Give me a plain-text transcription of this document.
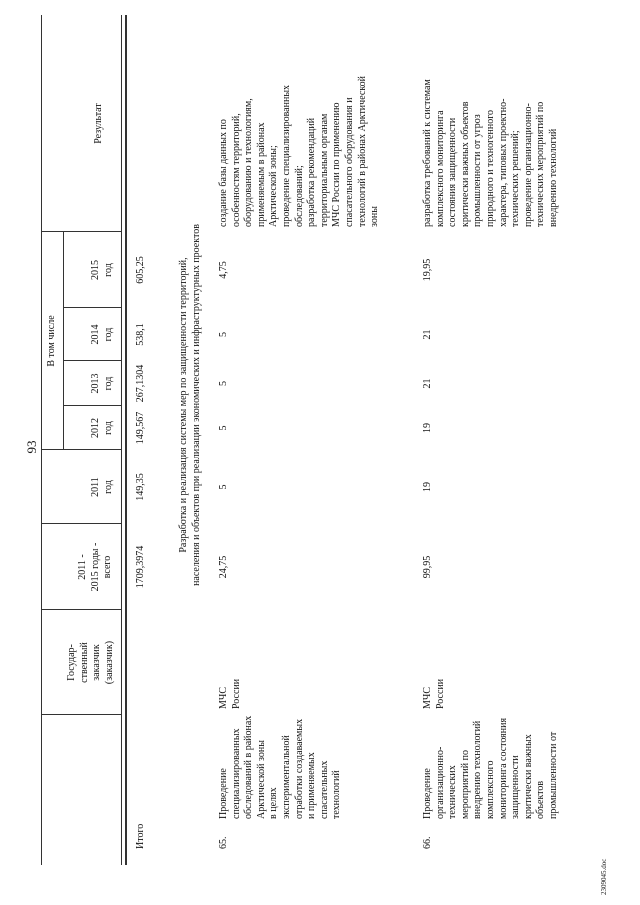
93
Государ-
ственный
заказчик
(заказчик)
2011 -
2015 годы -
всего
В том числе
2011
год
2012
год
2013
год
2014
год
2015
год
Результат
Итого
1709,3974
149,35
149,567
267,1304
538,1
605,25
Разработка и реализация системы мер по защищенности территорий,
населения и объектов при реализации экономических и инфраструктурных проектов
65.
Проведение
специализированных
обследований в районах
Арктической зоны
в целях
экспериментальной
отработки создаваемых
и применяемых
спасательных
технологий
МЧС России
24,75
5
5
5
5
4,75
создание базы данных по
особенностям территорий,
оборудованию и технологиям,
применяемым в районах
Арктической зоны;
проведение специализированных
обследований;
разработка рекомендаций
территориальным органам
МЧС России по применению
спасательного оборудования и
технологий в районах Арктической
зоны
66.
Проведение
организационно-
технических
мероприятий по
внедрению технологий
комплексного
мониторинга состояния
защищенности
критически важных
объектов
промышленности от
МЧС России
99,95
19
19
21
21
19,95
разработка требований к системам
комплексного мониторинга
состояния защищенности
критически важных объектов
промышленности от угроз
природного и техногенного
характера, типовых проектно-
технических решений;
проведение организационно-
технических мероприятий по
внедрению технологий
2309045.doc
